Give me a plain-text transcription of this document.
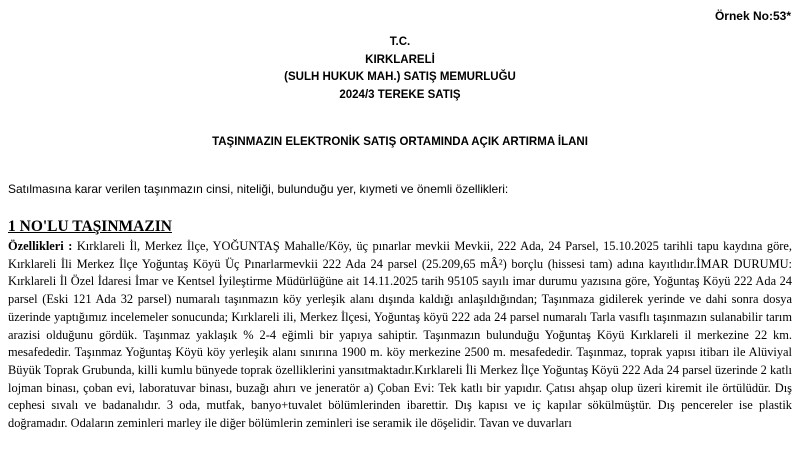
Örnek No:53*
T.C.
KIRKLARELİ
(SULH HUKUK MAH.) SATIŞ MEMURLUĞU
2024/3 TEREKE SATIŞ
TAŞINMAZIN ELEKTRONİK SATIŞ ORTAMINDA AÇIK ARTIRMA İLANI
Satılmasına karar verilen taşınmazın cinsi, niteliği, bulunduğu yer, kıymeti ve önemli özellikleri:
1 NO'LU TAŞINMAZIN
Özellikleri : Kırklareli İl, Merkez İlçe, YOĞUNTAŞ Mahalle/Köy, üç pınarlar mevkii Mevkii, 222 Ada, 24 Parsel, 15.10.2025 tarihli tapu kaydına göre, Kırklareli İli Merkez İlçe Yoğuntaş Köyü Üç Pınarlarmevkii 222 Ada 24 parsel (25.209,65 mÂ²) borçlu (hissesi tam) adına kayıtlıdır.İMAR DURUMU: Kırklareli İl Özel İdaresi İmar ve Kentsel İyileştirme Müdürlüğüne ait 14.11.2025 tarih 95105 sayılı imar durumu yazısına göre, Yoğuntaş Köyü 222 Ada 24 parsel (Eski 121 Ada 32 parsel) numaralı taşınmazın köy yerleşik alanı dışında kaldığı anlaşıldığından; Taşınmaza gidilerek yerinde ve dahi sonra dosya üzerinde yaptığımız incelemeler sonucunda; Kırklareli ili, Merkez İlçesi, Yoğuntaş köyü 222 ada 24 parsel numaralı Tarla vasıflı taşınmazın sulanabilir tarım arazisi olduğunu gördük. Taşınmaz yaklaşık % 2-4 eğimli bir yapıya sahiptir. Taşınmazın bulunduğu Yoğuntaş Köyü Kırklareli il merkezine 22 km. mesafededir. Taşınmaz Yoğuntaş Köyü köy yerleşik alanı sınırına 1900 m. köy merkezine 2500 m. mesafededir. Taşınmaz, toprak yapısı itibarı ile Alüviyal Büyük Toprak Grubunda, killi kumlu bünyede toprak özelliklerini yansıtmaktadır.Kırklareli İli Merkez İlçe Yoğuntaş Köyü 222 Ada 24 parsel üzerinde 2 katlı lojman binası, çoban evi, laboratuvar binası, buzağı ahırı ve jeneratör a) Çoban Evi: Tek katlı bir yapıdır. Çatısı ahşap olup üzeri kiremit ile örtülüdür. Dış cephesi sıvalı ve badanalıdır. 3 oda, mutfak, banyo+tuvalet bölümlerinden ibarettir. Dış kapısı ve iç kapılar sökülmüştür. Dış pencereler ise plastik doğramadır. Odaların zeminleri marley ile diğer bölümlerin zeminleri ise seramik ile döşelidir. Tavan ve duvarları
